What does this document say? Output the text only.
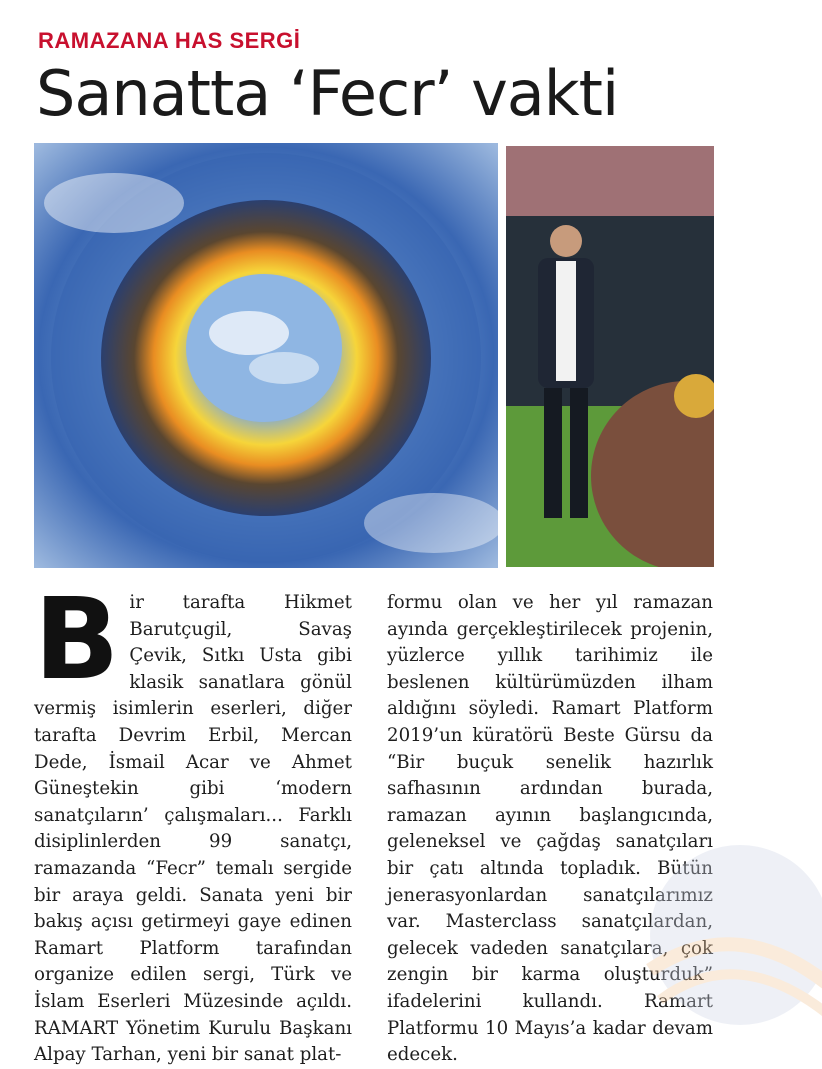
RAMAZANA HAS SERGİ
Sanatta ‘Fecr’ vakti
B ir tarafta Hikmet Barutçugil, Savaş Çevik, Sıtkı Usta gibi klasik sanatlara gönül vermiş isimlerin eserleri, diğer tarafta Devrim Erbil, Mercan Dede, İsmail Acar ve Ahmet Güneştekin gibi ‘modern sanatçıların’ çalışmaları... Farklı disiplinlerden 99 sanatçı, ramazanda “Fecr” temalı sergide bir araya geldi. Sanata yeni bir bakış açısı getirmeyi gaye edinen Ramart Platform tarafından organize edilen sergi, Türk ve İslam Eserleri Müzesinde açıldı. RAMART Yönetim Kurulu Başkanı Alpay Tarhan, yeni bir sanat plat-

formu olan ve her yıl ramazan ayında gerçekleştirilecek projenin, yüzlerce yıllık tarihimiz ile beslenen kültürümüzden ilham aldığını söyledi. Ramart Platform 2019’un küratörü Beste Gürsu da “Bir buçuk senelik hazırlık safhasının ardından burada, ramazan ayının başlangıcında, geleneksel ve çağdaş sanatçıları bir çatı altında topladık. Bütün jenerasyonlardan sanatçılarımız var. Masterclass sanatçılardan, gelecek vadeden sanatçılara, çok zengin bir karma oluşturduk” ifadelerini kullandı. Ramart Platformu 10 Mayıs’a kadar devam edecek.
